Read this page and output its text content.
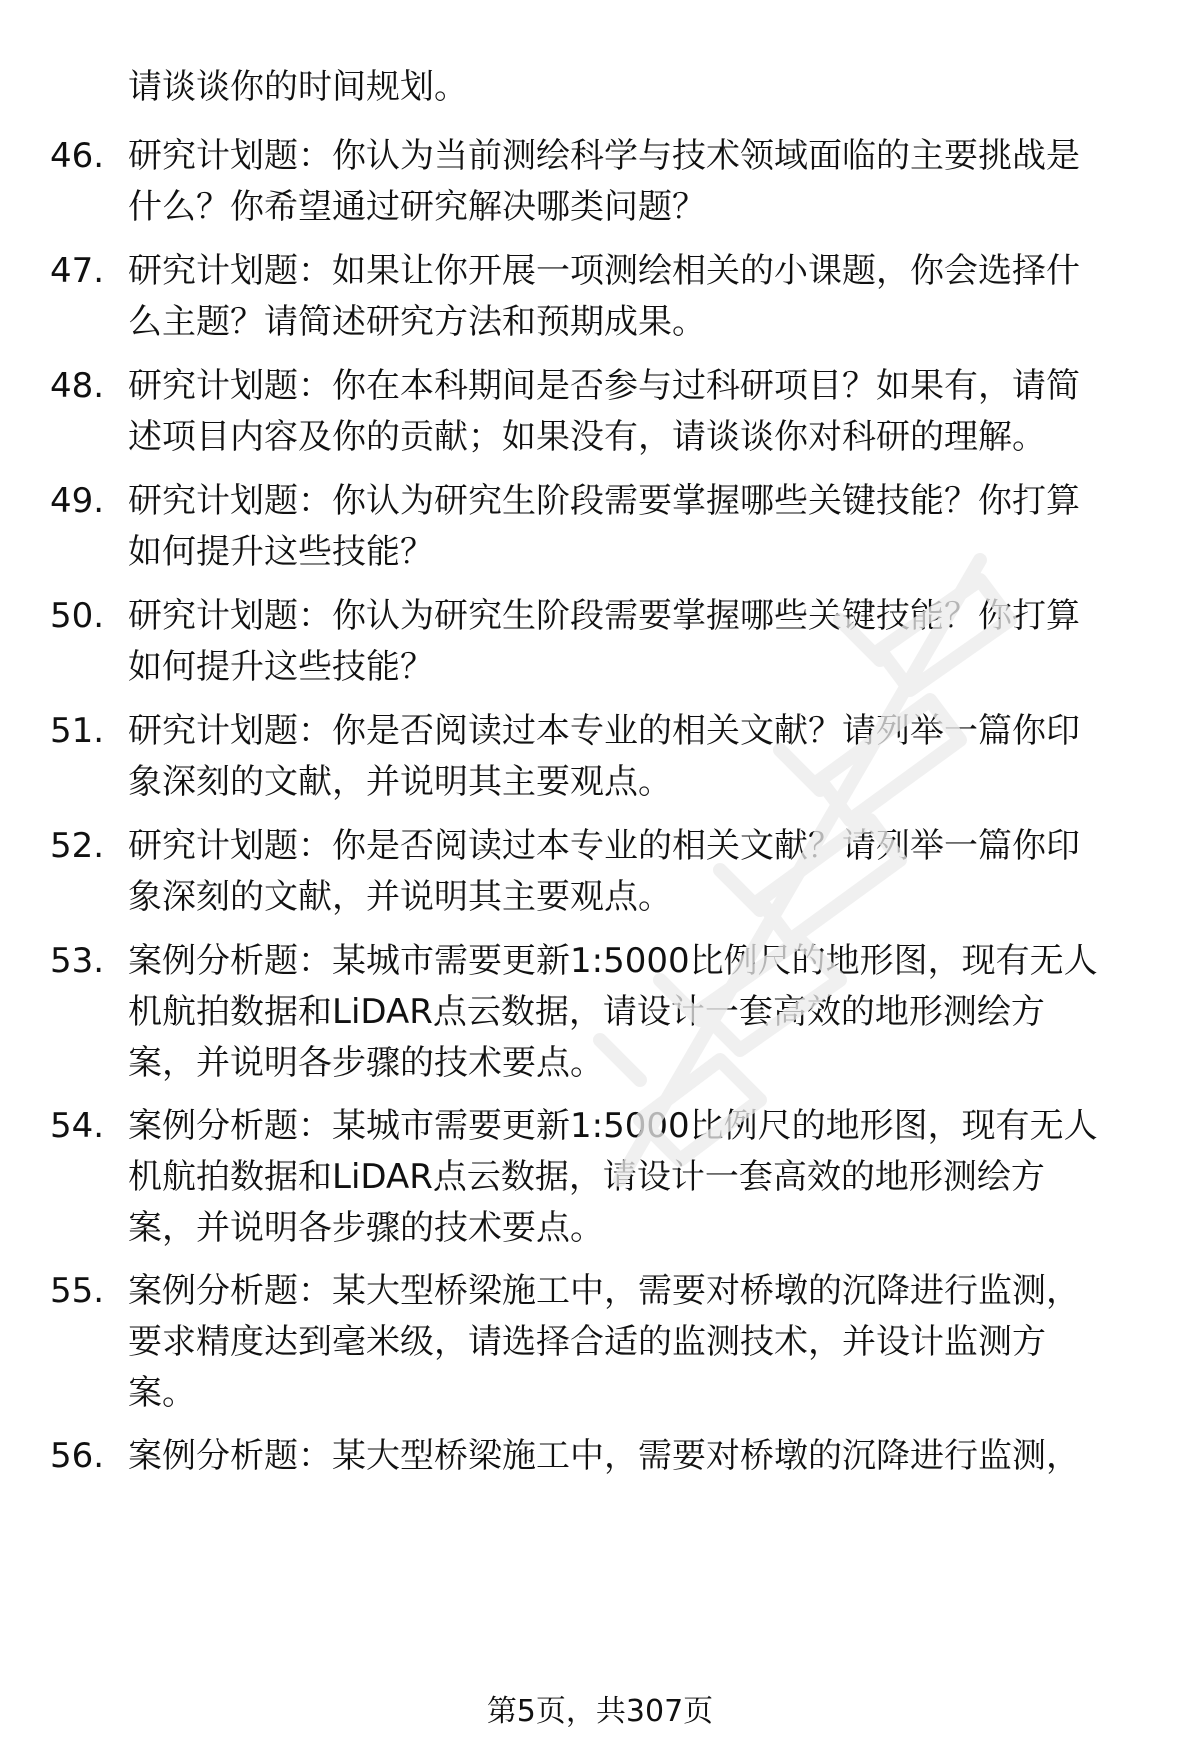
请谈谈你的时间规划。
46. 研究计划题：你认为当前测绘科学与技术领域面临的主要挑战是
什么？你希望通过研究解决哪类问题？
47. 研究计划题：如果让你开展一项测绘相关的小课题，你会选择什
么主题？请简述研究方法和预期成果。
48. 研究计划题：你在本科期间是否参与过科研项目？如果有，请简
述项目内容及你的贡献；如果没有，请谈谈你对科研的理解。
49. 研究计划题：你认为研究生阶段需要掌握哪些关键技能？你打算
如何提升这些技能？
50. 研究计划题：你认为研究生阶段需要掌握哪些关键技能？你打算
如何提升这些技能？
51. 研究计划题：你是否阅读过本专业的相关文献？请列举一篇你印
象深刻的文献，并说明其主要观点。
52. 研究计划题：你是否阅读过本专业的相关文献？请列举一篇你印
象深刻的文献，并说明其主要观点。
53. 案例分析题：某城市需要更新1:5000比例尺的地形图，现有无人
机航拍数据和LiDAR点云数据，请设计一套高效的地形测绘方
案，并说明各步骤的技术要点。
54. 案例分析题：某城市需要更新1:5000比例尺的地形图，现有无人
机航拍数据和LiDAR点云数据，请设计一套高效的地形测绘方
案，并说明各步骤的技术要点。
55. 案例分析题：某大型桥梁施工中，需要对桥墩的沉降进行监测，
要求精度达到毫米级，请选择合适的监测技术，并设计监测方
案。
56. 案例分析题：某大型桥梁施工中，需要对桥墩的沉降进行监测，
第5页，共307页
